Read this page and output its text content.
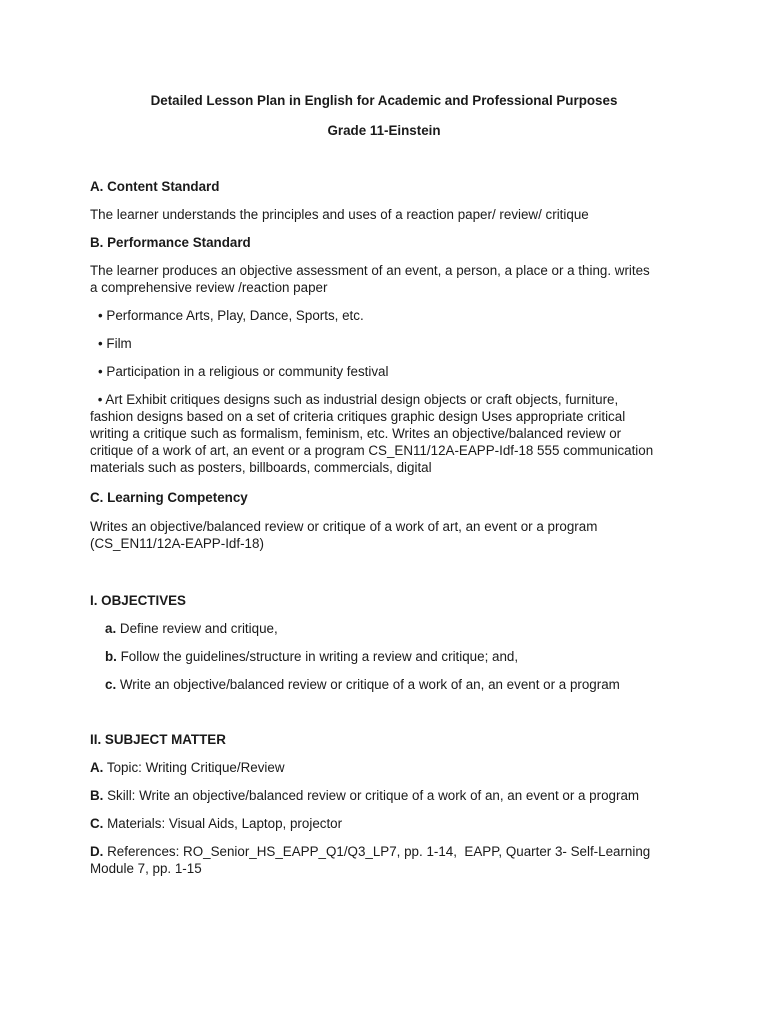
Detailed Lesson Plan in English for Academic and Professional Purposes
Grade 11-Einstein
A. Content Standard
The learner understands the principles and uses of a reaction paper/ review/ critique
B. Performance Standard
The learner produces an objective assessment of an event, a person, a place or a thing. writes
a comprehensive review /reaction paper
• Performance Arts, Play, Dance, Sports, etc.
• Film
• Participation in a religious or community festival
• Art Exhibit critiques designs such as industrial design objects or craft objects, furniture,
fashion designs based on a set of criteria critiques graphic design Uses appropriate critical
writing a critique such as formalism, feminism, etc. Writes an objective/balanced review or
critique of a work of art, an event or a program CS_EN11/12A-EAPP-Idf-18 555 communication
materials such as posters, billboards, commercials, digital
C. Learning Competency
Writes an objective/balanced review or critique of a work of art, an event or a program
(CS_EN11/12A-EAPP-Idf-18)
I. OBJECTIVES
a. Define review and critique,
b. Follow the guidelines/structure in writing a review and critique; and,
c. Write an objective/balanced review or critique of a work of an, an event or a program
II. SUBJECT MATTER
A. Topic: Writing Critique/Review
B. Skill: Write an objective/balanced review or critique of a work of an, an event or a program
C. Materials: Visual Aids, Laptop, projector
D. References: RO_Senior_HS_EAPP_Q1/Q3_LP7, pp. 1-14,  EAPP, Quarter 3- Self-Learning
Module 7, pp. 1-15
